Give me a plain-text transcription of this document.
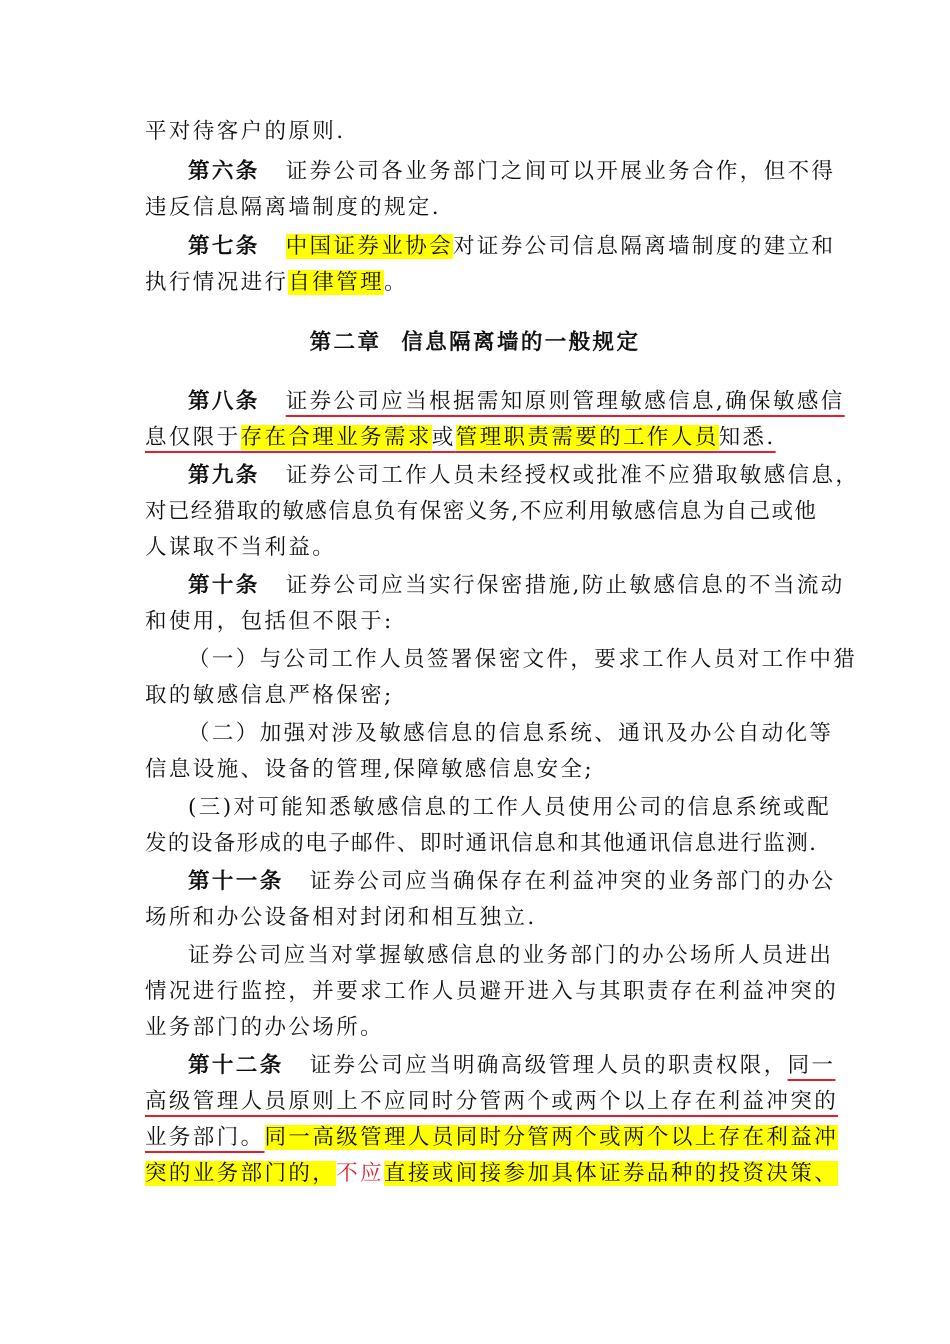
平对待客户的原则.
第六条 证券公司各业务部门之间可以开展业务合作，但不得
违反信息隔离墙制度的规定.
第七条 中国证券业协会对证券公司信息隔离墙制度的建立和
执行情况进行自律管理。
第二章 信息隔离墙的一般规定
第八条 证券公司应当根据需知原则管理敏感信息,确保敏感信
息仅限于存在合理业务需求或管理职责需要的工作人员知悉.
第九条 证券公司工作人员未经授权或批准不应猎取敏感信息，
对已经猎取的敏感信息负有保密义务,不应利用敏感信息为自己或他
人谋取不当利益。
第十条 证券公司应当实行保密措施,防止敏感信息的不当流动
和使用，包括但不限于:
（一）与公司工作人员签署保密文件，要求工作人员对工作中猎
取的敏感信息严格保密;
（二）加强对涉及敏感信息的信息系统、通讯及办公自动化等
信息设施、设备的管理,保障敏感信息安全;
(三)对可能知悉敏感信息的工作人员使用公司的信息系统或配
发的设备形成的电子邮件、即时通讯信息和其他通讯信息进行监测.
第十一条 证券公司应当确保存在利益冲突的业务部门的办公
场所和办公设备相对封闭和相互独立.
证券公司应当对掌握敏感信息的业务部门的办公场所人员进出
情况进行监控，并要求工作人员避开进入与其职责存在利益冲突的
业务部门的办公场所。
第十二条 证券公司应当明确高级管理人员的职责权限，同一
高级管理人员原则上不应同时分管两个或两个以上存在利益冲突的
业务部门。同一高级管理人员同时分管两个或两个以上存在利益冲
突的业务部门的，不应直接或间接参加具体证券品种的投资决策、
